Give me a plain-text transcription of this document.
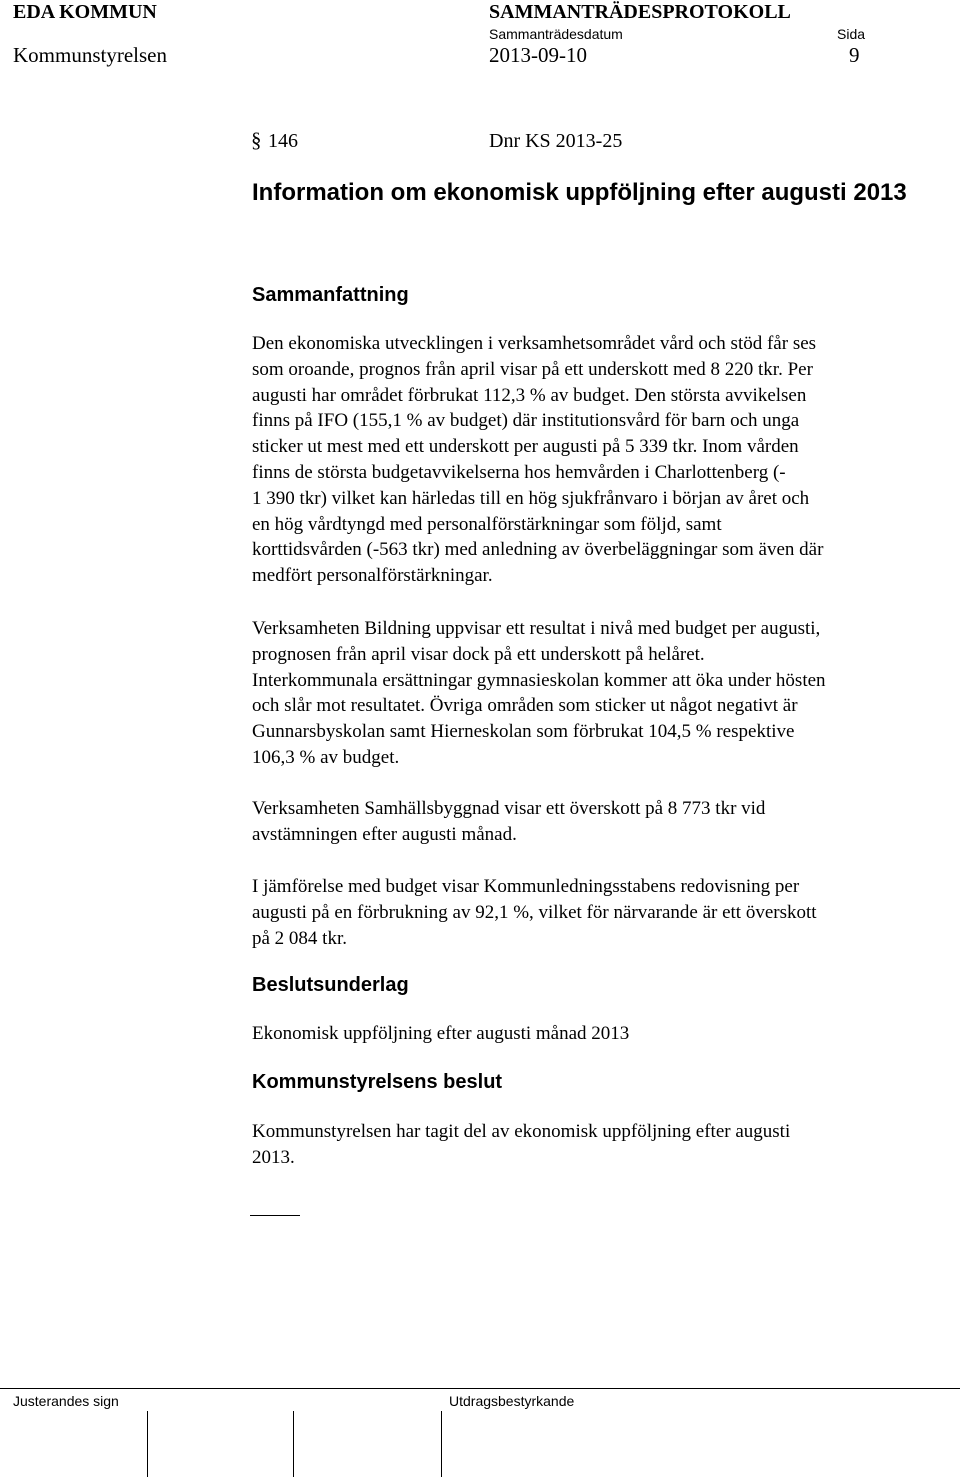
EDA KOMMUN	SAMMANTRÄDESPROTOKOLL
Sammanträdesdatum	Sida
Kommunstyrelsen	2013-09-10	9
§ 146	Dnr KS 2013-25
Information om ekonomisk uppföljning efter augusti 2013
Sammanfattning
Den ekonomiska utvecklingen i verksamhetsområdet vård och stöd får ses
som oroande, prognos från april visar på ett underskott med 8 220 tkr. Per
augusti har området förbrukat 112,3 % av budget. Den största avvikelsen
finns på IFO (155,1 % av budget) där institutionsvård för barn och unga
sticker ut mest med ett underskott per augusti på 5 339 tkr. Inom vården
finns de största budgetavvikelserna hos hemvården i Charlottenberg (-
1 390 tkr) vilket kan härledas till en hög sjukfrånvaro i början av året och
en hög vårdtyngd med personalförstärkningar som följd, samt
korttidsvården (-563 tkr) med anledning av överbeläggningar som även där
medfört personalförstärkningar.
Verksamheten Bildning uppvisar ett resultat i nivå med budget per augusti,
prognosen från april visar dock på ett underskott på helåret.
Interkommunala ersättningar gymnasieskolan kommer att öka under hösten
och slår mot resultatet. Övriga områden som sticker ut något negativt är
Gunnarsbyskolan samt Hierneskolan som förbrukat 104,5 % respektive
106,3 % av budget.
Verksamheten Samhällsbyggnad visar ett överskott på 8 773 tkr vid
avstämningen efter augusti månad.
I jämförelse med budget visar Kommunledningsstabens redovisning per
augusti på en förbrukning av 92,1 %, vilket för närvarande är ett överskott
på 2 084 tkr.
Beslutsunderlag
Ekonomisk uppföljning efter augusti månad 2013
Kommunstyrelsens beslut
Kommunstyrelsen har tagit del av ekonomisk uppföljning efter augusti
2013.
Justerandes sign	Utdragsbestyrkande
